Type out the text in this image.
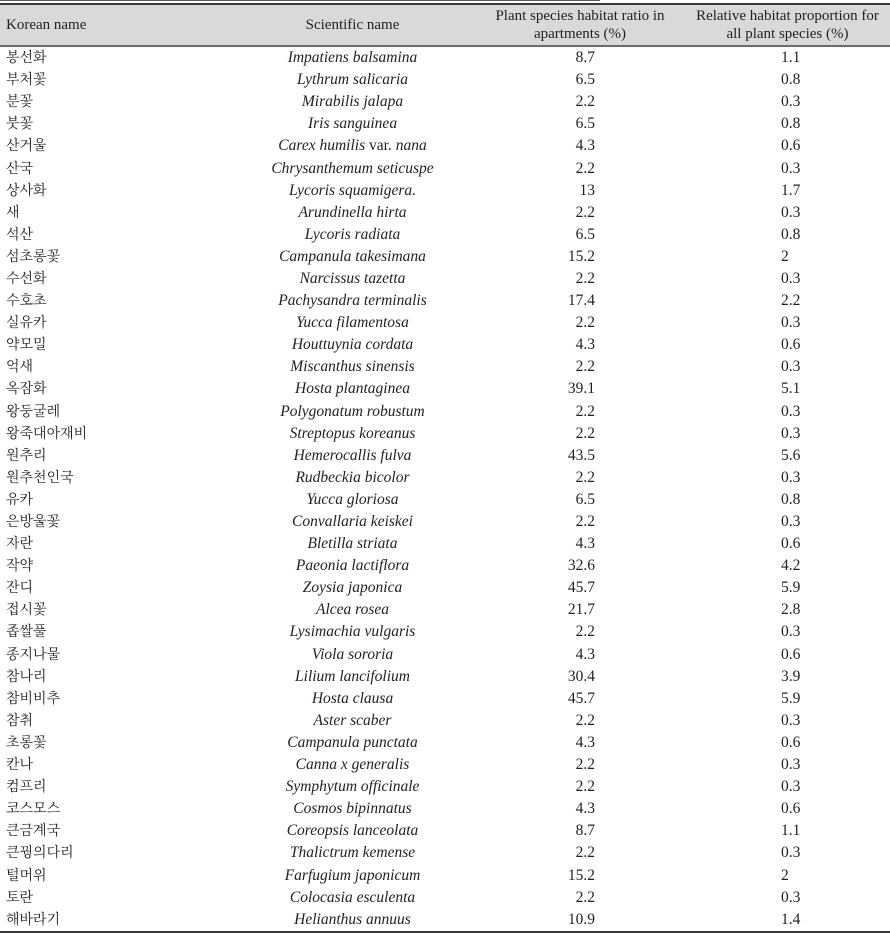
Korean name	Scientific name	Plant species habitat ratio in apartments (%)	Relative habitat proportion for all plant species (%)
봉선화	Impatiens balsamina	8.7	1.1
부처꽃	Lythrum salicaria	6.5	0.8
분꽃	Mirabilis jalapa	2.2	0.3
붓꽃	Iris sanguinea	6.5	0.8
산거울	Carex humilis var. nana	4.3	0.6
산국	Chrysanthemum seticuspe	2.2	0.3
상사화	Lycoris squamigera.	13	1.7
새	Arundinella hirta	2.2	0.3
석산	Lycoris radiata	6.5	0.8
섬초롱꽃	Campanula takesimana	15.2	2
수선화	Narcissus tazetta	2.2	0.3
수호초	Pachysandra terminalis	17.4	2.2
실유카	Yucca filamentosa	2.2	0.3
약모밀	Houttuynia cordata	4.3	0.6
억새	Miscanthus sinensis	2.2	0.3
옥잠화	Hosta plantaginea	39.1	5.1
왕둥굴레	Polygonatum robustum	2.2	0.3
왕죽대아재비	Streptopus koreanus	2.2	0.3
원추리	Hemerocallis fulva	43.5	5.6
원추천인국	Rudbeckia bicolor	2.2	0.3
유카	Yucca gloriosa	6.5	0.8
은방울꽃	Convallaria keiskei	2.2	0.3
자란	Bletilla striata	4.3	0.6
작약	Paeonia lactiflora	32.6	4.2
잔디	Zoysia japonica	45.7	5.9
접시꽃	Alcea rosea	21.7	2.8
좁쌀풀	Lysimachia vulgaris	2.2	0.3
종지나물	Viola sororia	4.3	0.6
참나리	Lilium lancifolium	30.4	3.9
참비비추	Hosta clausa	45.7	5.9
참취	Aster scaber	2.2	0.3
초롱꽃	Campanula punctata	4.3	0.6
칸나	Canna x generalis	2.2	0.3
컴프리	Symphytum officinale	2.2	0.3
코스모스	Cosmos bipinnatus	4.3	0.6
큰금계국	Coreopsis lanceolata	8.7	1.1
큰꿩의다리	Thalictrum kemense	2.2	0.3
털머위	Farfugium japonicum	15.2	2
토란	Colocasia esculenta	2.2	0.3
해바라기	Helianthus annuus	10.9	1.4
